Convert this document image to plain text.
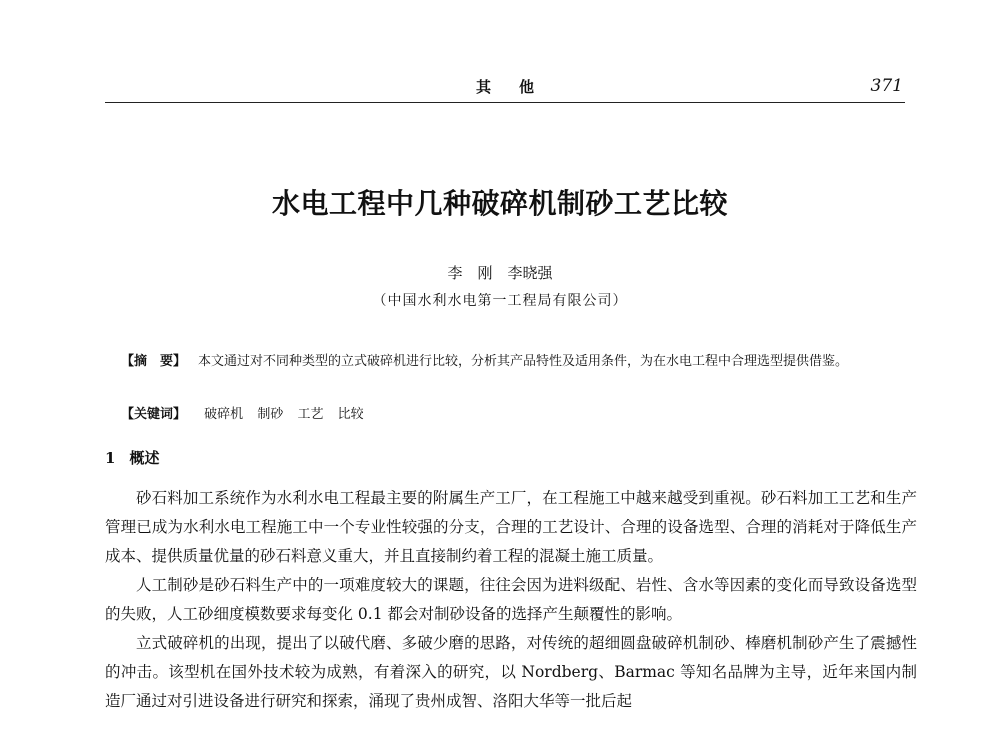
其他	371
水电工程中几种破碎机制砂工艺比较
李　刚　李晓强
（中国水利水电第一工程局有限公司）
【摘　要】 本文通过对不同种类型的立式破碎机进行比较，分析其产品特性及适用条件，为在水电工程中合理选型提供借鉴。
【关键词】 破碎机 制砂 工艺 比较
1 概述

砂石料加工系统作为水利水电工程最主要的附属生产工厂，在工程施工中越来越受到重视。砂石料加工工艺和生产管理已成为水利水电工程施工中一个专业性较强的分支，合理的工艺设计、合理的设备选型、合理的消耗对于降低生产成本、提供质量优量的砂石料意义重大，并且直接制约着工程的混凝土施工质量。

人工制砂是砂石料生产中的一项难度较大的课题，往往会因为进料级配、岩性、含水等因素的变化而导致设备选型的失败，人工砂细度模数要求每变化 0.1 都会对制砂设备的选择产生颠覆性的影响。

立式破碎机的出现，提出了以破代磨、多破少磨的思路，对传统的超细圆盘破碎机制砂、棒磨机制砂产生了震撼性的冲击。该型机在国外技术较为成熟，有着深入的研究，以 Nordberg、Barmac 等知名品牌为主导，近年来国内制造厂通过对引进设备进行研究和探索，涌现了贵州成智、洛阳大华等一批后起
